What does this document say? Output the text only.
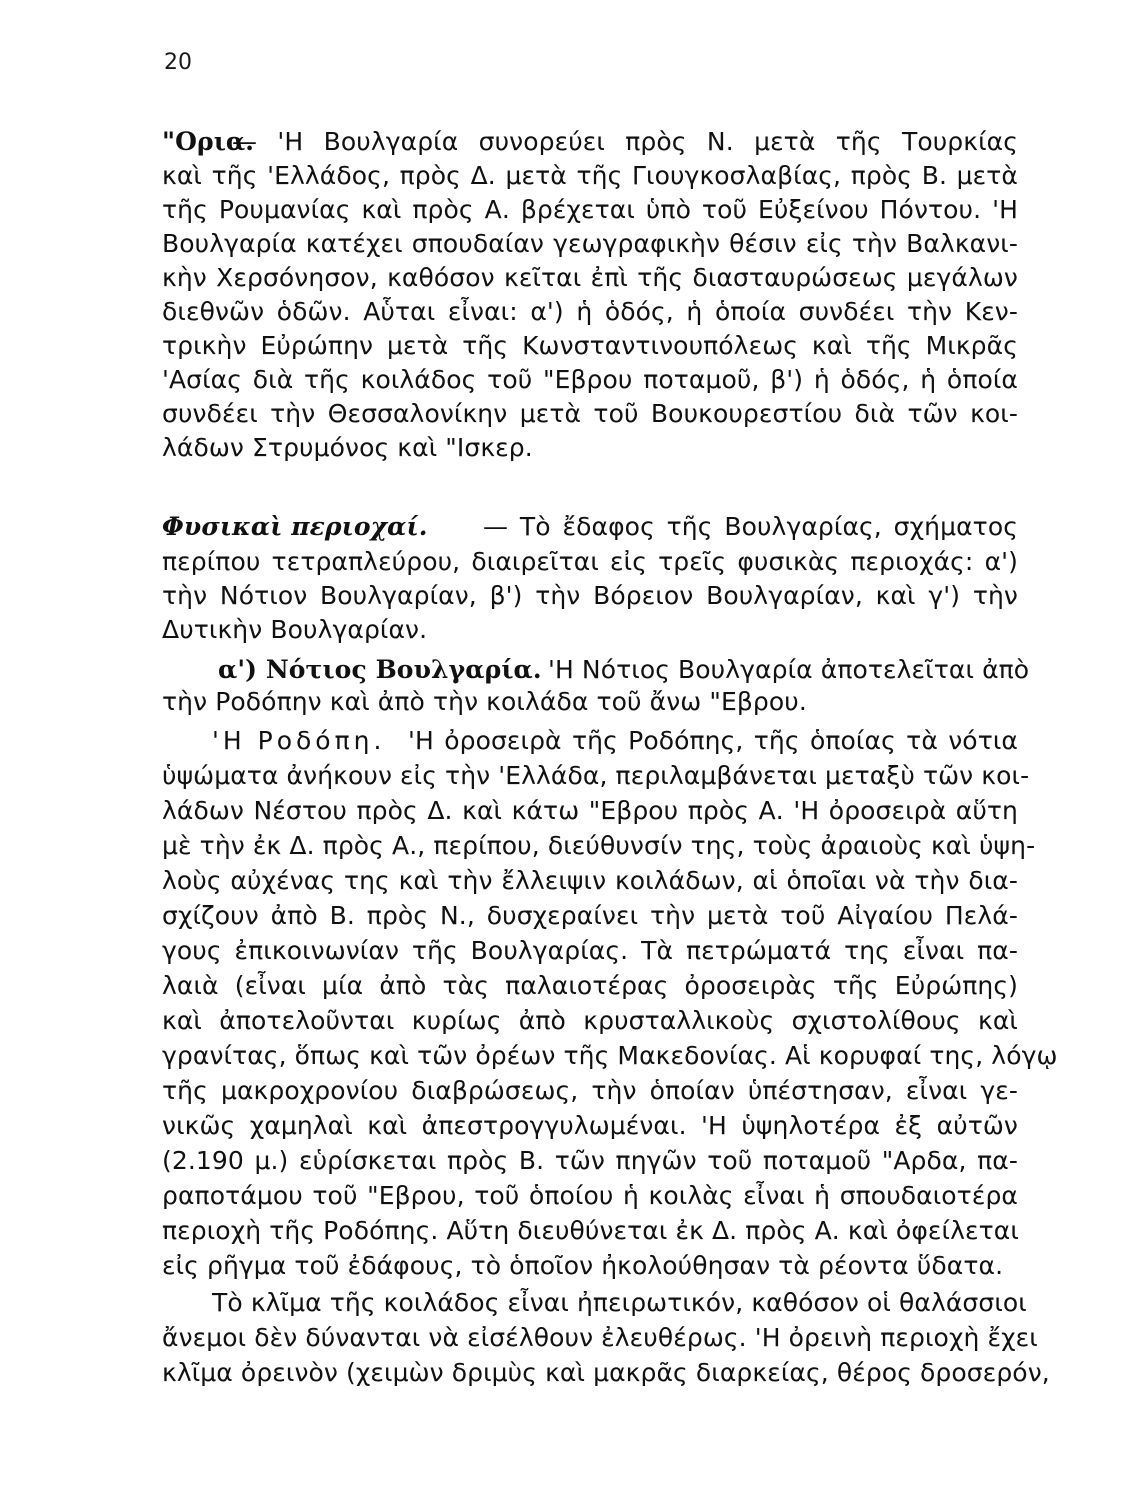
20
"Ορια.
— 'Η Βουλγαρία συνορεύει πρὸς Ν. μετὰ τῆς Τουρκίας
καὶ τῆς 'Ελλάδος, πρὸς Δ. μετὰ τῆς Γιουγκοσλαβίας, πρὸς Β. μετὰ
τῆς Ρουμανίας καὶ πρὸς Α. βρέχεται ὑπὸ τοῦ Εὐξείνου Πόντου. 'Η
Βουλγαρία κατέχει σπουδαίαν γεωγραφικὴν θέσιν εἰς τὴν Βαλκανι-
κὴν Χερσόνησον, καθόσον κεῖται ἐπὶ τῆς διασταυρώσεως μεγάλων
διεθνῶν ὁδῶν. Αὗται εἶναι: α') ἡ ὁδός, ἡ ὁποία συνδέει τὴν Κεν-
τρικὴν Εὐρώπην μετὰ τῆς Κωνσταντινουπόλεως καὶ τῆς Μικρᾶς
'Ασίας διὰ τῆς κοιλάδος τοῦ "Εβρου ποταμοῦ, β') ἡ ὁδός, ἡ ὁποία
συνδέει τὴν Θεσσαλονίκην μετὰ τοῦ Βουκουρεστίου διὰ τῶν κοι-
λάδων Στρυμόνος καὶ "Ισκερ.
Φυσικαὶ περιοχαί. — Τὸ ἔδαφος τῆς Βουλγαρίας, σχήματος
περίπου τετραπλεύρου, διαιρεῖται εἰς τρεῖς φυσικὰς περιοχάς: α')
τὴν Νότιον Βουλγαρίαν, β') τὴν Βόρειον Βουλγαρίαν, καὶ γ') τὴν
Δυτικὴν Βουλγαρίαν.
α') Νότιος Βουλγαρία. 'Η Νότιος Βουλγαρία ἀποτελεῖται ἀπὸ
τὴν Ροδόπην καὶ ἀπὸ τὴν κοιλάδα τοῦ ἄνω "Εβρου.
'Η Ροδόπη. 'Η ὀροσειρὰ τῆς Ροδόπης, τῆς ὁποίας τὰ νότια
ὑψώματα ἀνήκουν εἰς τὴν 'Ελλάδα, περιλαμβάνεται μεταξὺ τῶν κοι-
λάδων Νέστου πρὸς Δ. καὶ κάτω "Εβρου πρὸς Α. 'Η ὀροσειρὰ αὕτη
μὲ τὴν ἐκ Δ. πρὸς Α., περίπου, διεύθυνσίν της, τοὺς ἀραιοὺς καὶ ὑψη-
λοὺς αὐχένας της καὶ τὴν ἔλλειψιν κοιλάδων, αἱ ὁποῖαι νὰ τὴν δια-
σχίζουν ἀπὸ Β. πρὸς Ν., δυσχεραίνει τὴν μετὰ τοῦ Αἰγαίου Πελά-
γους ἐπικοινωνίαν τῆς Βουλγαρίας. Τὰ πετρώματά της εἶναι πα-
λαιὰ (εἶναι μία ἀπὸ τὰς παλαιοτέρας ὀροσειρὰς τῆς Εὐρώπης)
καὶ ἀποτελοῦνται κυρίως ἀπὸ κρυσταλλικοὺς σχιστολίθους καὶ
γρανίτας, ὅπως καὶ τῶν ὀρέων τῆς Μακεδονίας. Αἱ κορυφαί της, λόγῳ
τῆς μακροχρονίου διαβρώσεως, τὴν ὁποίαν ὑπέστησαν, εἶναι γε-
νικῶς χαμηλαὶ καὶ ἀπεστρογγυλωμέναι. 'Η ὑψηλοτέρα ἐξ αὐτῶν
(2.190 μ.) εὑρίσκεται πρὸς Β. τῶν πηγῶν τοῦ ποταμοῦ "Αρδα, πα-
ραποτάμου τοῦ "Εβρου, τοῦ ὁποίου ἡ κοιλὰς εἶναι ἡ σπουδαιοτέρα
περιοχὴ τῆς Ροδόπης. Αὕτη διευθύνεται ἐκ Δ. πρὸς Α. καὶ ὀφείλεται
εἰς ρῆγμα τοῦ ἐδάφους, τὸ ὁποῖον ἠκολούθησαν τὰ ρέοντα ὕδατα.
Τὸ κλῖμα τῆς κοιλάδος εἶναι ἠπειρωτικόν, καθόσον οἱ θαλάσσιοι
ἄνεμοι δὲν δύνανται νὰ εἰσέλθουν ἐλευθέρως. 'Η ὀρεινὴ περιοχὴ ἔχει
κλῖμα ὀρεινὸν (χειμὼν δριμὺς καὶ μακρᾶς διαρκείας, θέρος δροσερόν,
